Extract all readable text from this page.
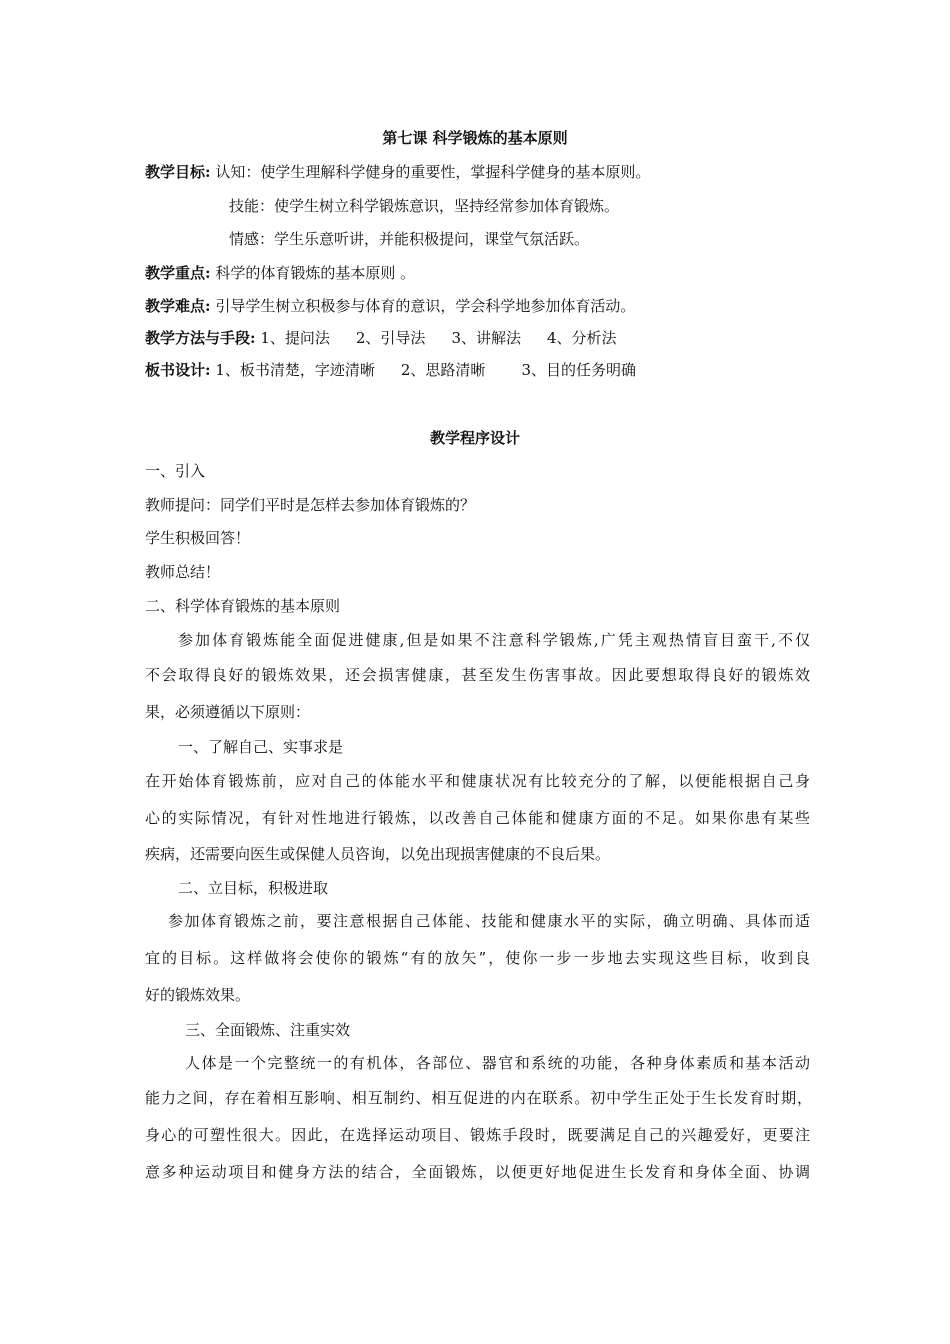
第七课 科学锻炼的基本原则
教学目标: 认知：使学生理解科学健身的重要性，掌握科学健身的基本原则。
技能：使学生树立科学锻炼意识，坚持经常参加体育锻炼。
情感：学生乐意听讲，并能积极提问，课堂气氛活跃。
教学重点: 科学的体育锻炼的基本原则 。
教学难点: 引导学生树立积极参与体育的意识，学会科学地参加体育活动。
教学方法与手段: 1、提问法 2、引导法 3、讲解法 4、分析法
板书设计: 1、板书清楚，字迹清晰 2、思路清晰 3、目的任务明确
教学程序设计
一、引入
教师提问：同学们平时是怎样去参加体育锻炼的？
学生积极回答！
教师总结！
二、科学体育锻炼的基本原则
参加体育锻炼能全面促进健康,但是如果不注意科学锻炼,广凭主观热情盲目蛮干,不仅
不会取得良好的锻炼效果，还会损害健康，甚至发生伤害事故。因此要想取得良好的锻炼效
果，必须遵循以下原则：
一、了解自己、实事求是
在开始体育锻炼前，应对自己的体能水平和健康状况有比较充分的了解，以便能根据自己身
心的实际情况，有针对性地进行锻炼，以改善自己体能和健康方面的不足。如果你患有某些
疾病，还需要向医生或保健人员咨询，以免出现损害健康的不良后果。
二、立目标，积极进取
参加体育锻炼之前，要注意根据自己体能、技能和健康水平的实际，确立明确、具体而适
宜的目标。这样做将会使你的锻炼“有的放矢”，使你一步一步地去实现这些目标，收到良
好的锻炼效果。
三、全面锻炼、注重实效
人体是一个完整统一的有机体，各部位、器官和系统的功能，各种身体素质和基本活动
能力之间，存在着相互影响、相互制约、相互促进的内在联系。初中学生正处于生长发育时期，
身心的可塑性很大。因此，在选择运动项目、锻炼手段时，既要满足自己的兴趣爱好，更要注
意多种运动项目和健身方法的结合，全面锻炼，以便更好地促进生长发育和身体全面、协调
